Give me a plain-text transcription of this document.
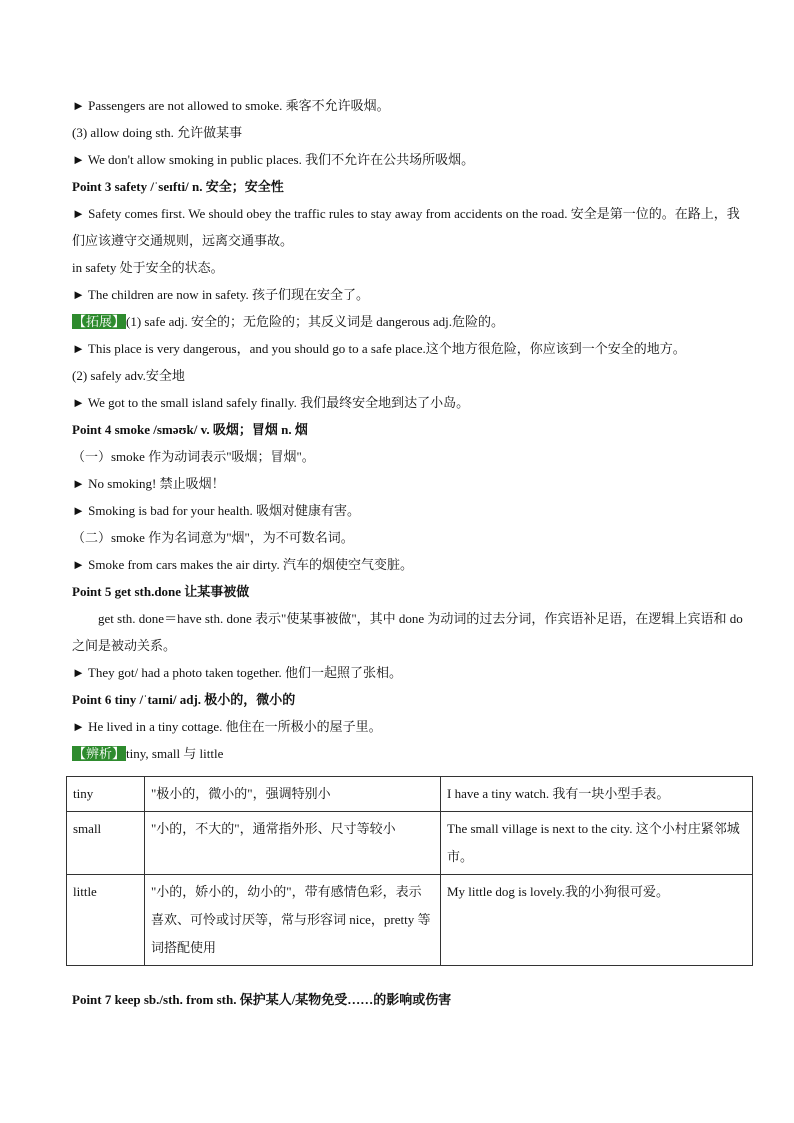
► Passengers are not allowed to smoke. 乘客不允许吸烟。
(3) allow doing sth. 允许做某事
► We don't allow smoking in public places. 我们不允许在公共场所吸烟。
Point 3 safety /ˈseɪfti/ n. 安全；安全性
► Safety comes first. We should obey the traffic rules to stay away from accidents on the road. 安全是第一位的。在路上，我们应该遵守交通规则，远离交通事故。
in safety 处于安全的状态。
► The children are now in safety. 孩子们现在安全了。
【拓展】(1) safe adj. 安全的；无危险的；其反义词是 dangerous adj.危险的。
► This place is very dangerous，and you should go to a safe place.这个地方很危险，你应该到一个安全的地方。
(2) safely adv.安全地
► We got to the small island safely finally. 我们最终安全地到达了小岛。
Point 4 smoke /sməʊk/ v. 吸烟；冒烟 n. 烟
（一）smoke 作为动词表示"吸烟；冒烟"。
► No smoking! 禁止吸烟！
► Smoking is bad for your health. 吸烟对健康有害。
（二）smoke 作为名词意为"烟"，为不可数名词。
► Smoke from cars makes the air dirty. 汽车的烟使空气变脏。
Point 5 get sth.done 让某事被做
get sth. done＝have sth. done 表示"使某事被做"，其中 done 为动词的过去分词，作宾语补足语，在逻辑上宾语和 do 之间是被动关系。
► They got/ had a photo taken together. 他们一起照了张相。
Point 6 tiny /ˈtaɪni/ adj. 极小的，微小的
► He lived in a tiny cottage. 他住在一所极小的屋子里。
【辨析】tiny, small 与 little
tiny	"极小的，微小的"，强调特别小	I have a tiny watch. 我有一块小型手表。
small	"小的，不大的"，通常指外形、尺寸等较小	The small village is next to the city. 这个小村庄紧邻城市。
little	"小的，娇小的，幼小的"，带有感情色彩，表示喜欢、可怜或讨厌等，常与形容词 nice，pretty 等词搭配使用	My little dog is lovely.我的小狗很可爱。
Point 7 keep sb./sth. from sth. 保护某人/某物免受……的影响或伤害
